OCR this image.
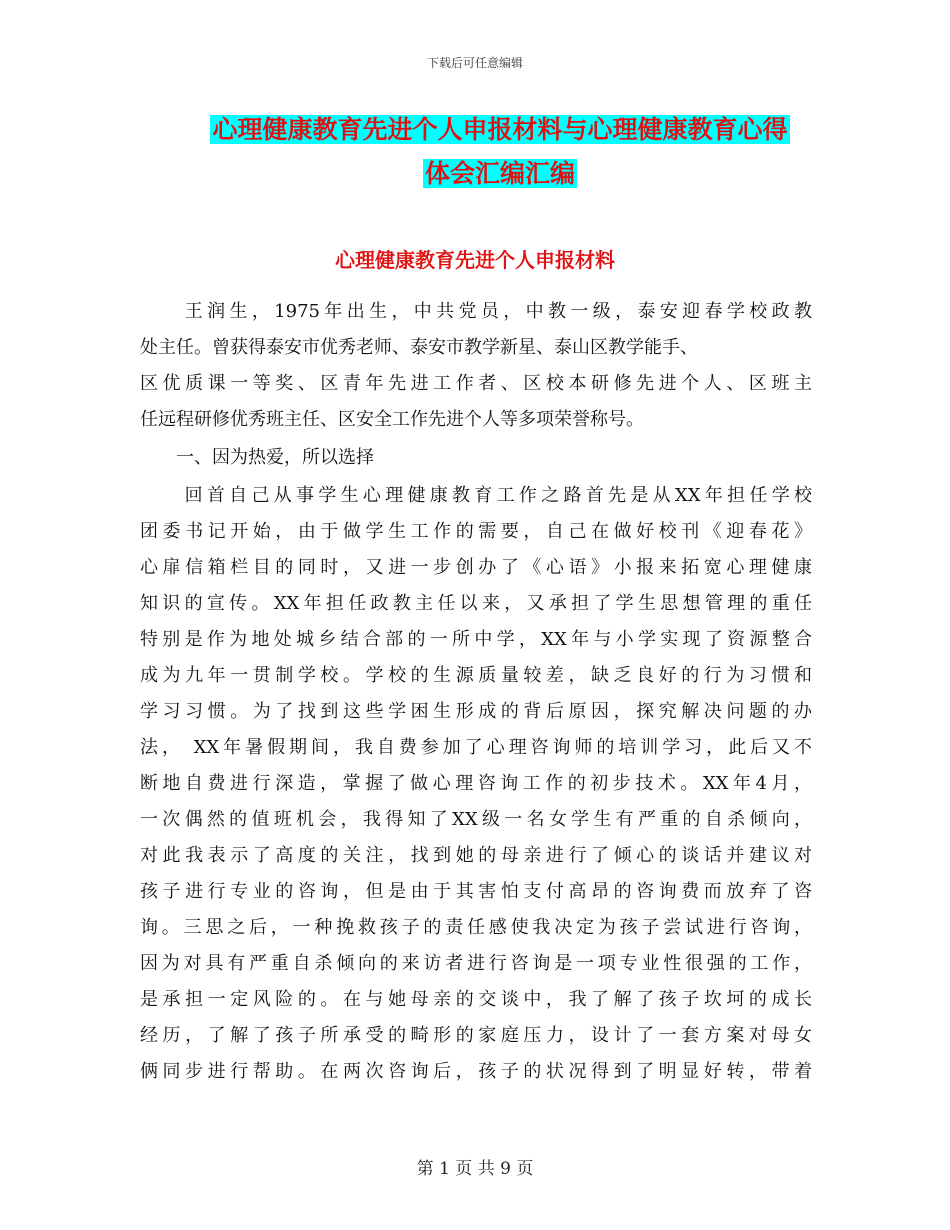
下载后可任意编辑
心理健康教育先进个人申报材料与心理健康教育心得
体会汇编汇编
心理健康教育先进个人申报材料
　　王润生，1975年出生，中共党员，中教一级，泰安迎春学校政教
处主任。曾获得泰安市优秀老师、泰安市教学新星、泰山区教学能手、
区优质课一等奖、区青年先进工作者、区校本研修先进个人、区班主
任远程研修优秀班主任、区安全工作先进个人等多项荣誉称号。
　　一、因为热爱，所以选择
　　回首自己从事学生心理健康教育工作之路首先是从XX年担任学校
团委书记开始，由于做学生工作的需要，自己在做好校刊《迎春花》
心扉信箱栏目的同时，又进一步创办了《心语》小报来拓宽心理健康
知识的宣传。XX年担任政教主任以来，又承担了学生思想管理的重任
特别是作为地处城乡结合部的一所中学，XX年与小学实现了资源整合
成为九年一贯制学校。学校的生源质量较差，缺乏良好的行为习惯和
学习习惯。为了找到这些学困生形成的背后原因，探究解决问题的办
法， XX年暑假期间，我自费参加了心理咨询师的培训学习，此后又不
断地自费进行深造，掌握了做心理咨询工作的初步技术。XX年4月，
一次偶然的值班机会，我得知了XX级一名女学生有严重的自杀倾向，
对此我表示了高度的关注，找到她的母亲进行了倾心的谈话并建议对
孩子进行专业的咨询，但是由于其害怕支付高昂的咨询费而放弃了咨
询。三思之后，一种挽救孩子的责任感使我决定为孩子尝试进行咨询，
因为对具有严重自杀倾向的来访者进行咨询是一项专业性很强的工作，
是承担一定风险的。在与她母亲的交谈中，我了解了孩子坎坷的成长
经历，了解了孩子所承受的畸形的家庭压力，设计了一套方案对母女
俩同步进行帮助。在两次咨询后，孩子的状况得到了明显好转，带着
第 1 页 共 9 页
